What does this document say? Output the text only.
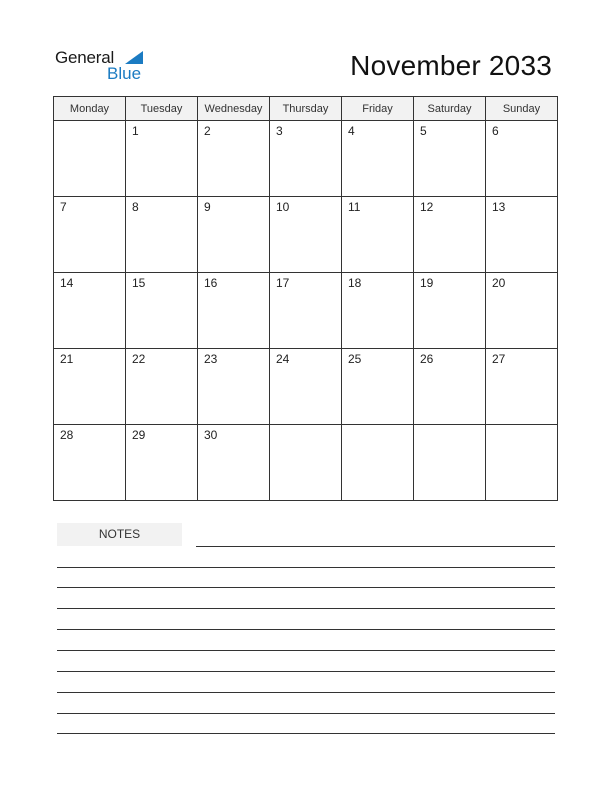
General
Blue	November 2033
Monday	Tuesday	Wednesday	Thursday	Friday	Saturday	Sunday

	1	2	3	4	5	6

7	8	9	10	11	12	13

14	15	16	17	18	19	20

21	22	23	24	25	26	27

28	29	30				

NOTES
